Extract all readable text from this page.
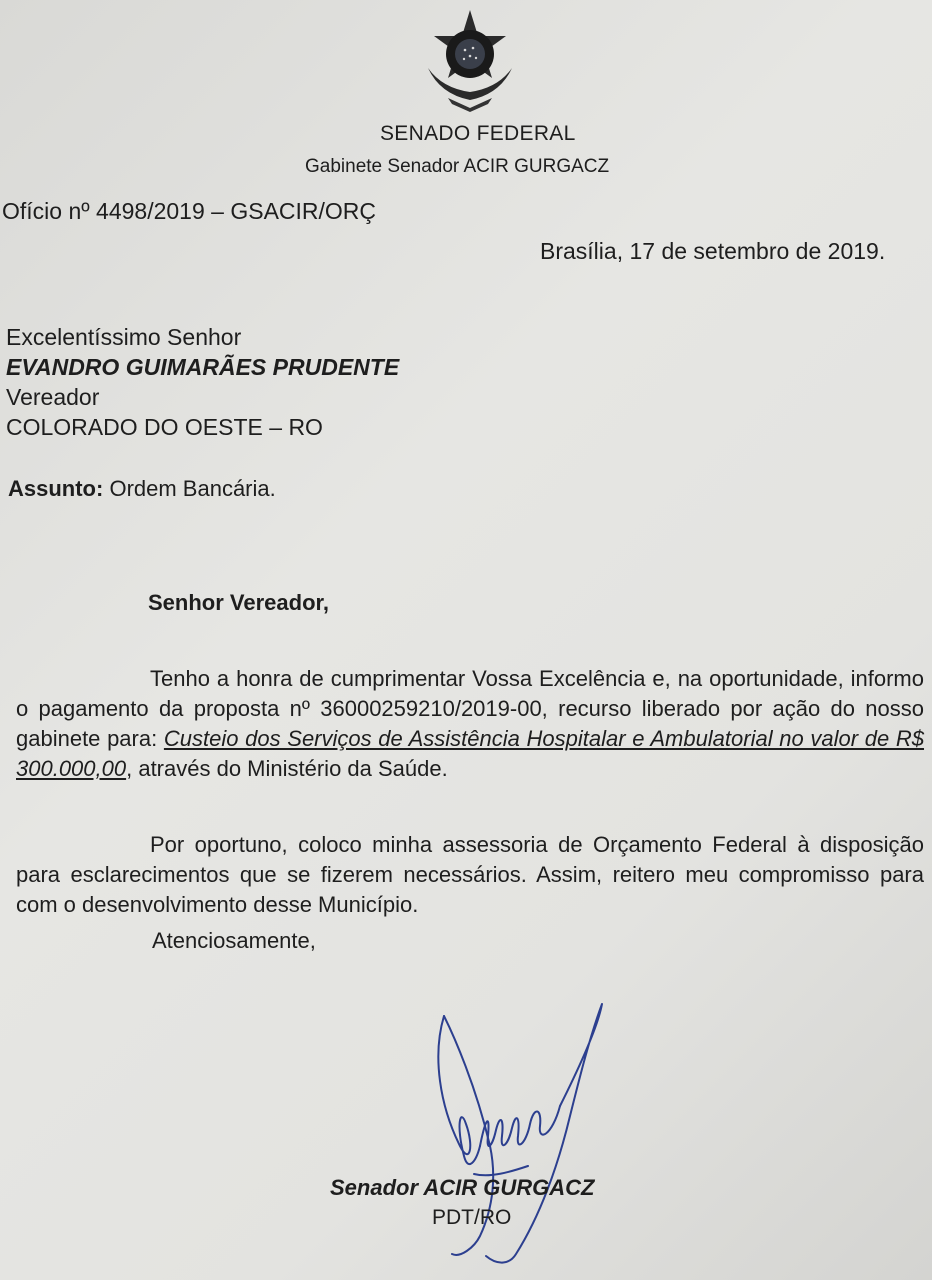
SENADO FEDERAL
Gabinete Senador ACIR GURGACZ
Ofício nº 4498/2019 – GSACIR/ORÇ
Brasília, 17 de setembro de 2019.
Excelentíssimo Senhor
EVANDRO GUIMARÃES PRUDENTE
Vereador
COLORADO DO OESTE – RO
Assunto: Ordem Bancária.
Senhor Vereador,

Tenho a honra de cumprimentar Vossa Excelência e, na oportunidade, informo o pagamento da proposta nº 36000259210/2019-00, recurso liberado por ação do nosso gabinete para: Custeio dos Serviços de Assistência Hospitalar e Ambulatorial no valor de R$ 300.000,00, através do Ministério da Saúde.

Por oportuno, coloco minha assessoria de Orçamento Federal à disposição para esclarecimentos que se fizerem necessários. Assim, reitero meu compromisso para com o desenvolvimento desse Município.

Atenciosamente,
Senador ACIR GURGACZ
PDT/RO
